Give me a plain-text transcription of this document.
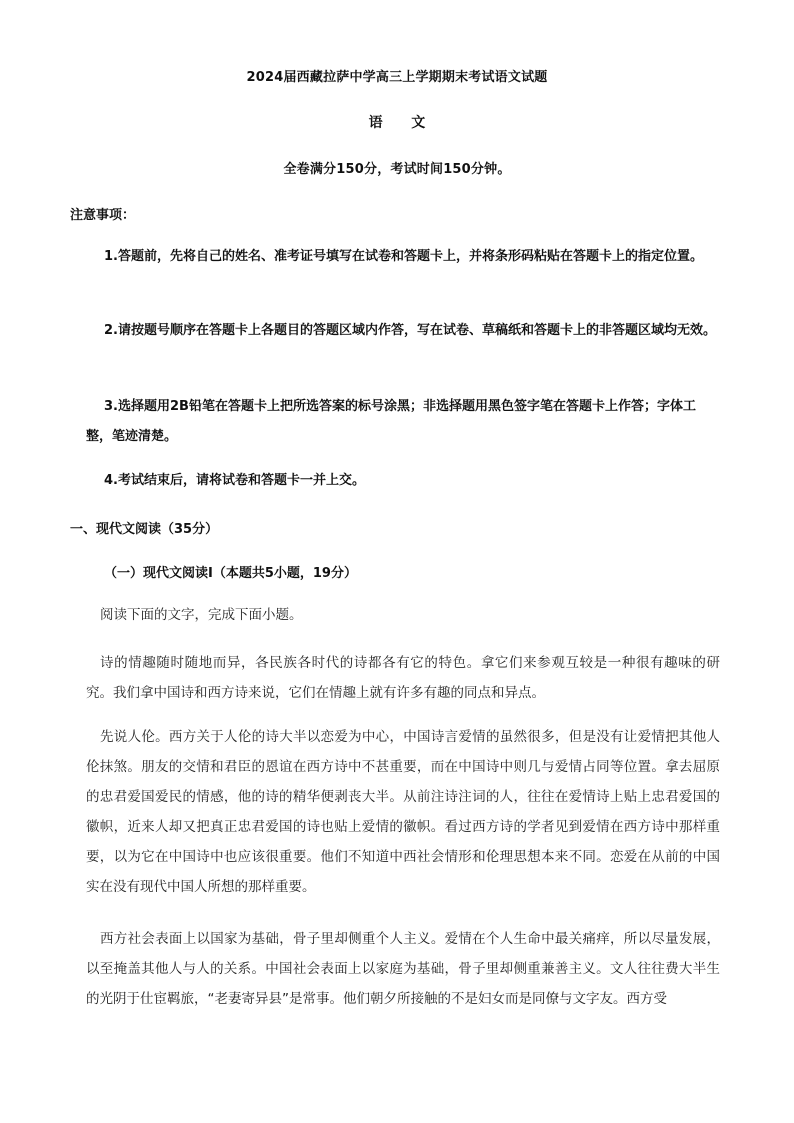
2024届西藏拉萨中学高三上学期期末考试语文试题
语　　文
全卷满分150分，考试时间150分钟。
注意事项：
1.答题前，先将自己的姓名、准考证号填写在试卷和答题卡上，并将条形码粘贴在答题卡上的指定位置。
2.请按题号顺序在答题卡上各题目的答题区域内作答，写在试卷、草稿纸和答题卡上的非答题区域均无效。
3.选择题用2B铅笔在答题卡上把所选答案的标号涂黑；非选择题用黑色签字笔在答题卡上作答；字体工整，笔迹清楚。
4.考试结束后，请将试卷和答题卡一并上交。
一、现代文阅读（35分）
（一）现代文阅读Ⅰ（本题共5小题，19分）
阅读下面的文字，完成下面小题。
诗的情趣随时随地而异，各民族各时代的诗都各有它的特色。拿它们来参观互较是一种很有趣味的研究。我们拿中国诗和西方诗来说，它们在情趣上就有许多有趣的同点和异点。
先说人伦。西方关于人伦的诗大半以恋爱为中心，中国诗言爱情的虽然很多，但是没有让爱情把其他人伦抹煞。朋友的交情和君臣的恩谊在西方诗中不甚重要，而在中国诗中则几与爱情占同等位置。拿去屈原的忠君爱国爱民的情感，他的诗的精华便剥丧大半。从前注诗注词的人，往往在爱情诗上贴上忠君爱国的徽帜，近来人却又把真正忠君爱国的诗也贴上爱情的徽帜。看过西方诗的学者见到爱情在西方诗中那样重要，以为它在中国诗中也应该很重要。他们不知道中西社会情形和伦理思想本来不同。恋爱在从前的中国实在没有现代中国人所想的那样重要。
西方社会表面上以国家为基础，骨子里却侧重个人主义。爱情在个人生命中最关痛痒，所以尽量发展，以至掩盖其他人与人的关系。中国社会表面上以家庭为基础，骨子里却侧重兼善主义。文人往往费大半生的光阴于仕宦羁旅，“老妻寄异县”是常事。他们朝夕所接触的不是妇女而是同僚与文字友。西方受
